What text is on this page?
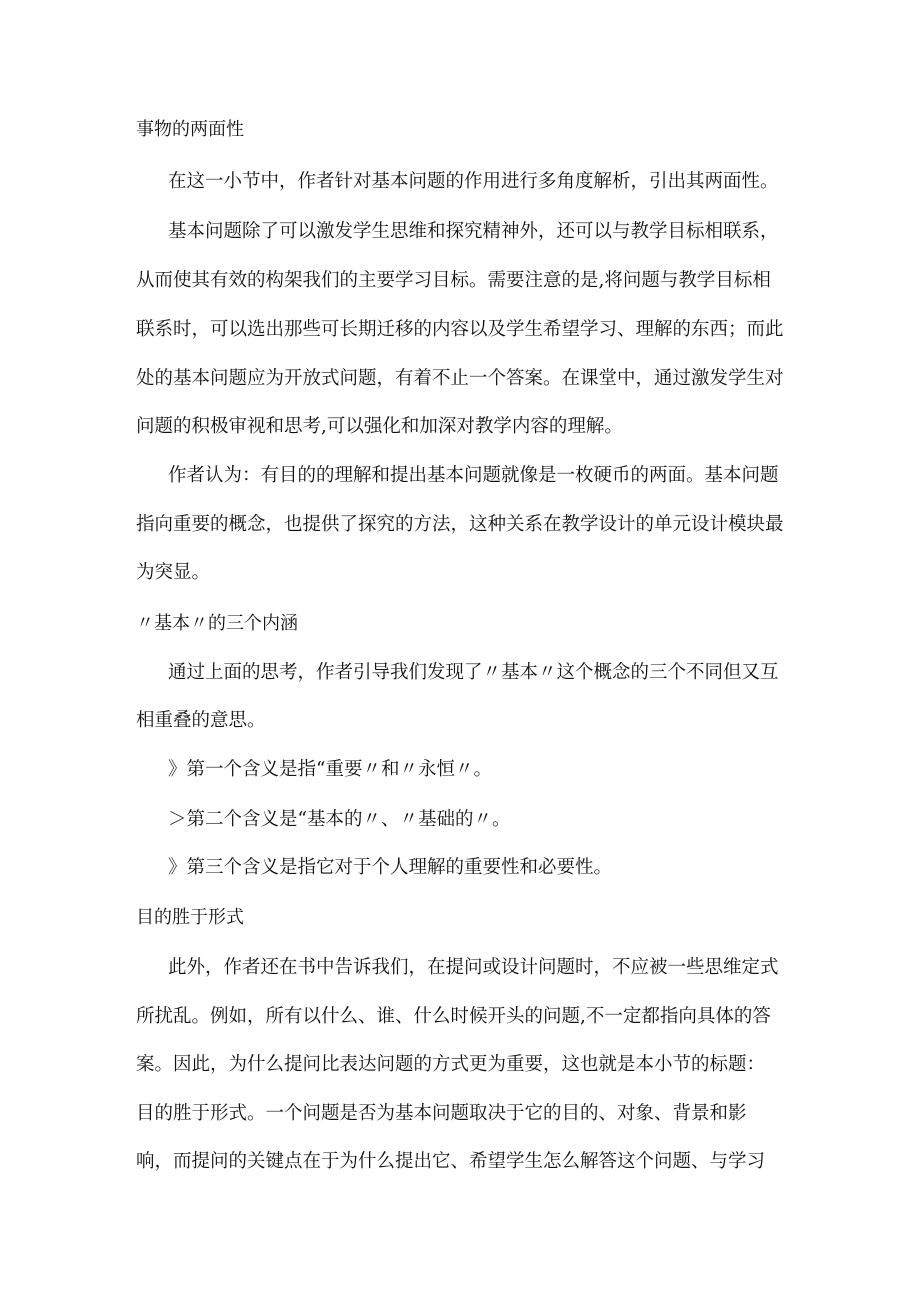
事物的两面性
在这一小节中，作者针对基本问题的作用进行多角度解析，引出其两面性。
基本问题除了可以激发学生思维和探究精神外，还可以与教学目标相联系，
从而使其有效的构架我们的主要学习目标。需要注意的是,将问题与教学目标相
联系时，可以选出那些可长期迁移的内容以及学生希望学习、理解的东西；而此
处的基本问题应为开放式问题，有着不止一个答案。在课堂中，通过激发学生对
问题的积极审视和思考,可以强化和加深对教学内容的理解。
作者认为：有目的的理解和提出基本问题就像是一枚硬币的两面。基本问题
指向重要的概念，也提供了探究的方法，这种关系在教学设计的单元设计模块最
为突显。
〃基本〃的三个内涵
通过上面的思考，作者引导我们发现了〃基本〃这个概念的三个不同但又互
相重叠的意思。
》第一个含义是指“重要〃和〃永恒〃。
＞第二个含义是“基本的〃、〃基础的〃。
》第三个含义是指它对于个人理解的重要性和必要性。
目的胜于形式
此外，作者还在书中告诉我们，在提问或设计问题时，不应被一些思维定式
所扰乱。例如，所有以什么、谁、什么时候开头的问题,不一定都指向具体的答
案。因此，为什么提问比表达问题的方式更为重要，这也就是本小节的标题：
目的胜于形式。一个问题是否为基本问题取决于它的目的、对象、背景和影
响，而提问的关键点在于为什么提出它、希望学生怎么解答这个问题、与学习
